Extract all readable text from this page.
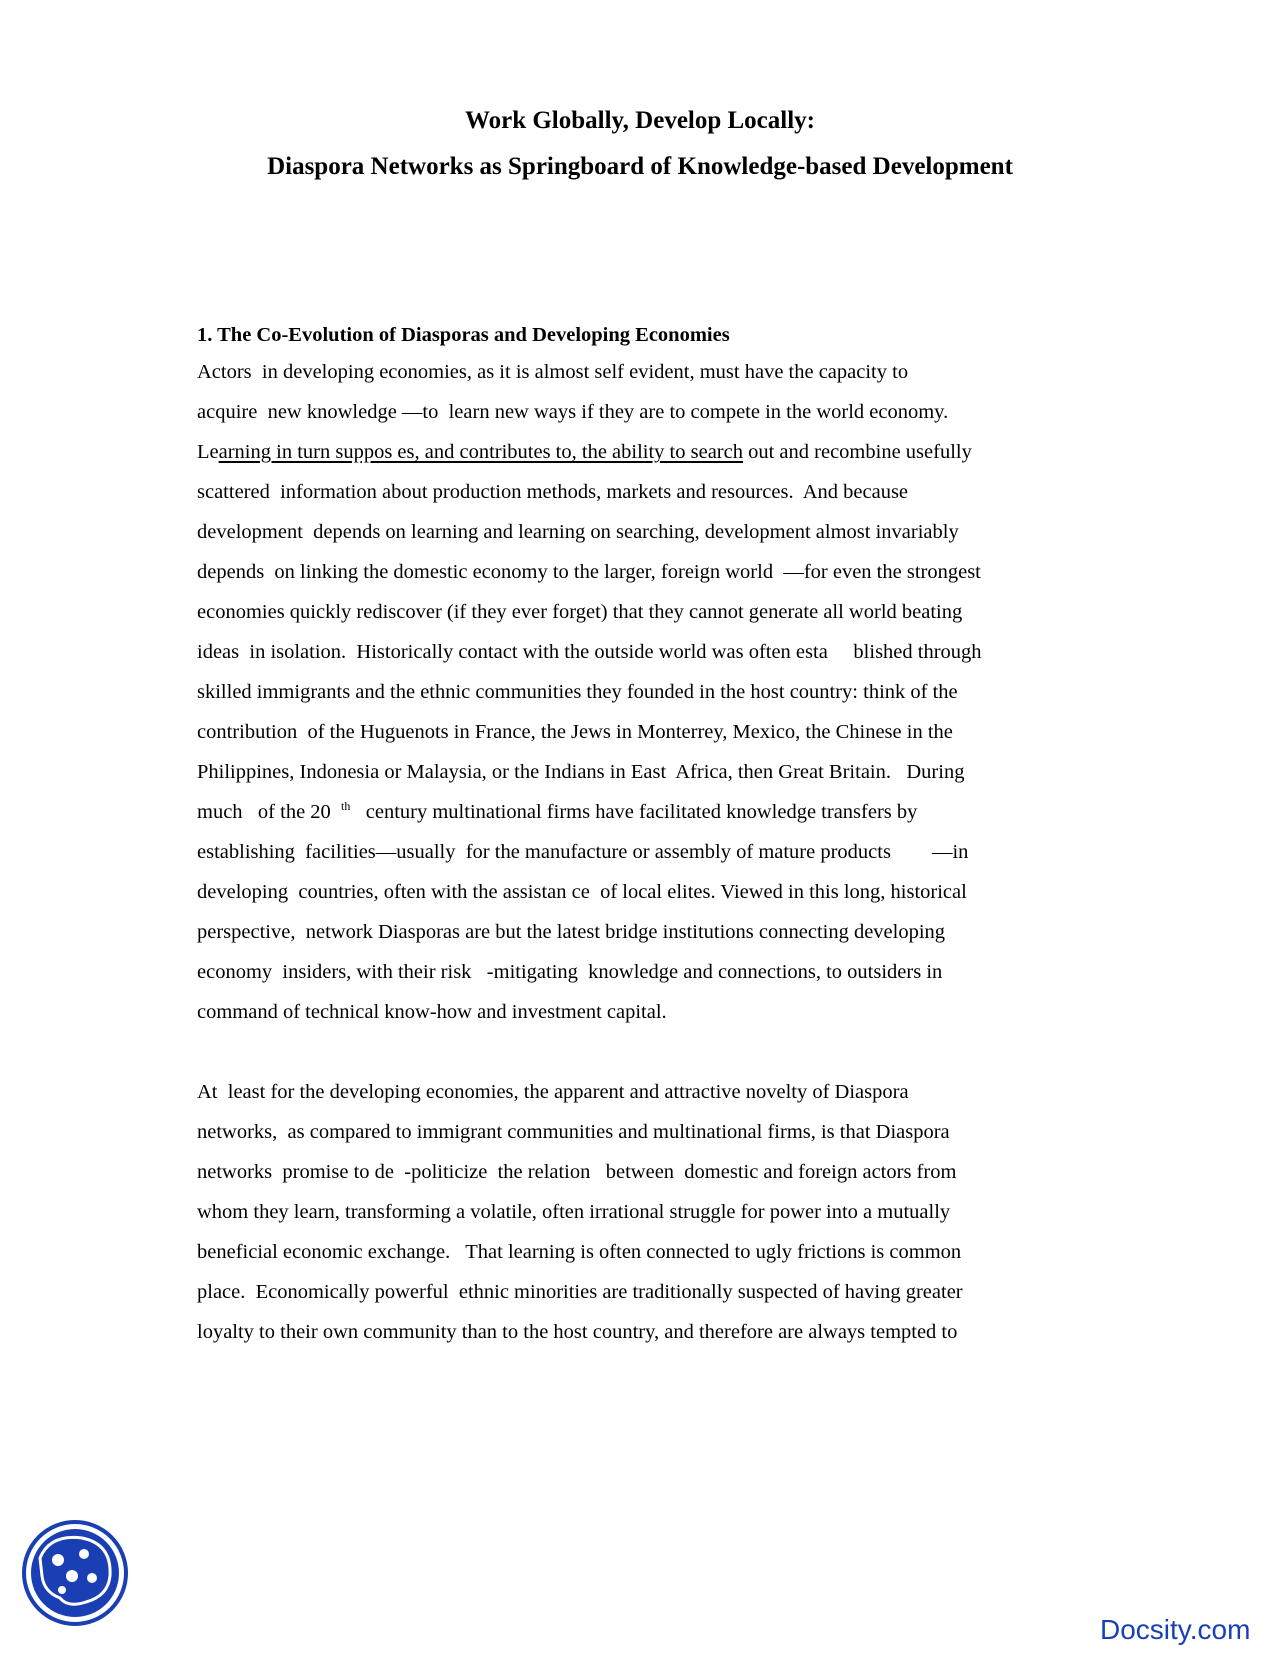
Work Globally, Develop Locally:
Diaspora Networks as Springboard of Knowledge-based Development
1. The Co-Evolution of Diasporas and Developing Economies

Actors  in developing economies, as it is almost self evident, must have the capacity to

acquire  new knowledge —to  learn new ways if they are to compete in the world economy.

Learning in turn suppos es, and contributes to, the ability to search out and recombine usefully

scattered  information about production methods, markets and resources.  And because

development  depends on learning and learning on searching, development almost invariably

depends  on linking the domestic economy to the larger, foreign world  —for even the strongest

economies quickly rediscover (if they ever forget) that they cannot generate all world beating

ideas  in isolation.  Historically contact with the outside world was often esta     blished through

skilled immigrants and the ethnic communities they founded in the host country: think of the

contribution  of the Huguenots in France, the Jews in Monterrey, Mexico, the Chinese in the

Philippines, Indonesia or Malaysia, or the Indians in East  Africa, then Great Britain.   During

much   of the 20  $^{th}$   century multinational firms have facilitated knowledge transfers by

establishing  facilities—usually  for the manufacture or assembly of mature products        —in

developing  countries, often with the assistan ce  of local elites. Viewed in this long, historical

perspective,  network Diasporas are but the latest bridge institutions connecting developing

economy  insiders, with their risk   -mitigating  knowledge and connections, to outsiders in

command of technical know-how and investment capital.

At  least for the developing economies, the apparent and attractive novelty of Diaspora

networks,  as compared to immigrant communities and multinational firms, is that Diaspora

networks  promise to de  -politicize  the relation   between  domestic and foreign actors from

whom they learn, transforming a volatile, often irrational struggle for power into a mutually

beneficial economic exchange.   That learning is often connected to ugly frictions is common

place.  Economically powerful  ethnic minorities are traditionally suspected of having greater

loyalty to their own community than to the host country, and therefore are always tempted to

Docsity.com
